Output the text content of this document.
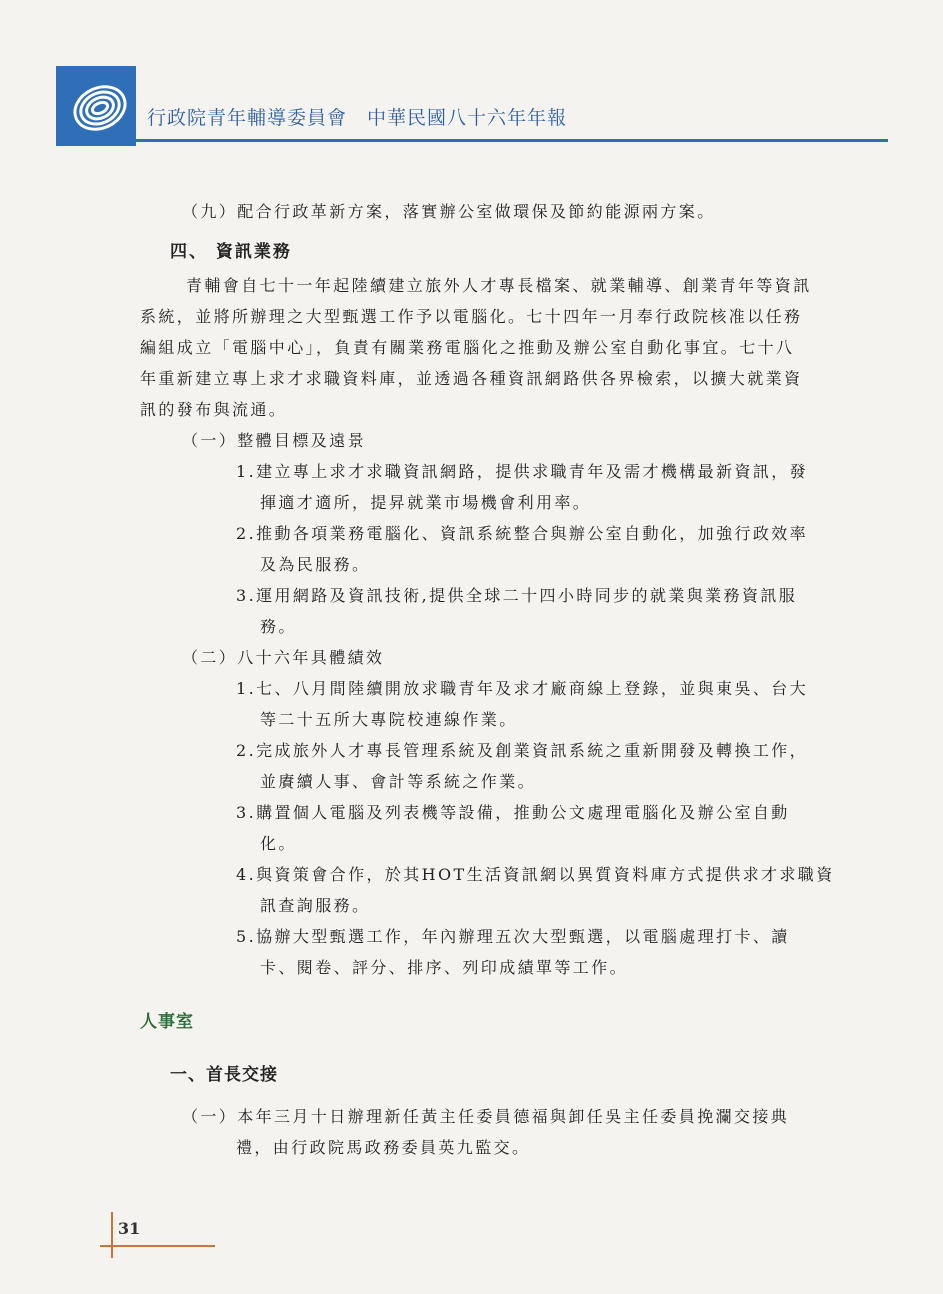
行政院青年輔導委員會　中華民國八十六年年報
（九）配合行政革新方案，落實辦公室做環保及節約能源兩方案。
四、 資訊業務
青輔會自七十一年起陸續建立旅外人才專長檔案、就業輔導、創業青年等資訊
系統，並將所辦理之大型甄選工作予以電腦化。七十四年一月奉行政院核准以任務
編組成立「電腦中心」，負責有關業務電腦化之推動及辦公室自動化事宜。七十八
年重新建立專上求才求職資料庫，並透過各種資訊網路供各界檢索，以擴大就業資
訊的發布與流通。
（一）整體目標及遠景
1.建立專上求才求職資訊網路，提供求職青年及需才機構最新資訊，發
揮適才適所，提昇就業市場機會利用率。
2.推動各項業務電腦化、資訊系統整合與辦公室自動化，加強行政效率
及為民服務。
3.運用網路及資訊技術,提供全球二十四小時同步的就業與業務資訊服
務。
（二）八十六年具體績效
1.七、八月間陸續開放求職青年及求才廠商線上登錄，並與東吳、台大
等二十五所大專院校連線作業。
2.完成旅外人才專長管理系統及創業資訊系統之重新開發及轉換工作，
並賡續人事、會計等系統之作業。
3.購置個人電腦及列表機等設備，推動公文處理電腦化及辦公室自動
化。
4.與資策會合作，於其HOT生活資訊網以異質資料庫方式提供求才求職資
訊查詢服務。
5.協辦大型甄選工作，年內辦理五次大型甄選，以電腦處理打卡、讀
卡、閱卷、評分、排序、列印成績單等工作。
人事室
一、首長交接
（一）本年三月十日辦理新任黃主任委員德福與卸任吳主任委員挽瀾交接典
禮，由行政院馬政務委員英九監交。
31
